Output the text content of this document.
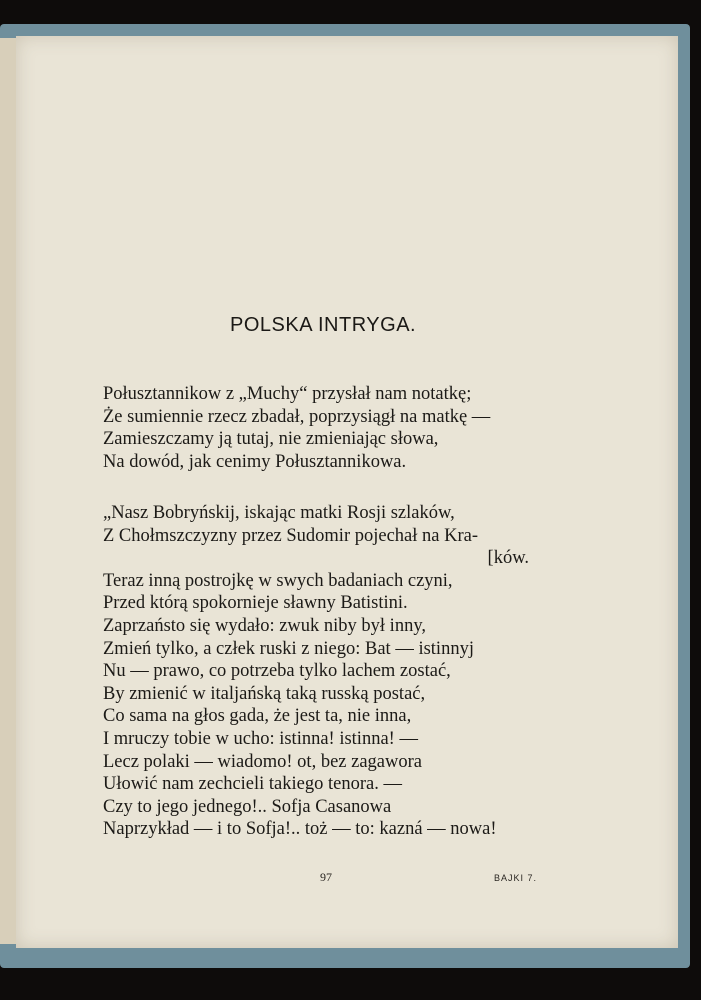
POLSKA INTRYGA.
Połusztannikow z „Muchy“ przysłał nam notatkę;
Że sumiennie rzecz zbadał, poprzysiągł na matkę —
Zamieszczamy ją tutaj, nie zmieniając słowa,
Na dowód, jak cenimy Połusztannikowa.
„Nasz Bobryńskij, iskając matki Rosji szlaków,
Z Chołmszczyzny przez Sudomir pojechał na Kra-
[ków.
Teraz inną postrojkę w swych badaniach czyni,
Przed którą spokornieje sławny Batistini.
Zaprzaństo się wydało: zwuk niby był inny,
Zmień tylko, a człek ruski z niego: Bat — istinnyj
Nu — prawo, co potrzeba tylko lachem zostać,
By zmienić w italjańską taką russką postać,
Co sama na głos gada, że jest ta, nie inna,
I mruczy tobie w ucho: istinna! istinna! —
Lecz polaki — wiadomo! ot, bez zagawora
Ułowić nam zechcieli takiego tenora. —
Czy to jego jednego!.. Sofja Casanowa
Naprzykład — i to Sofja!.. toż — to: kazná — nowa!
97	BAJKI 7.
